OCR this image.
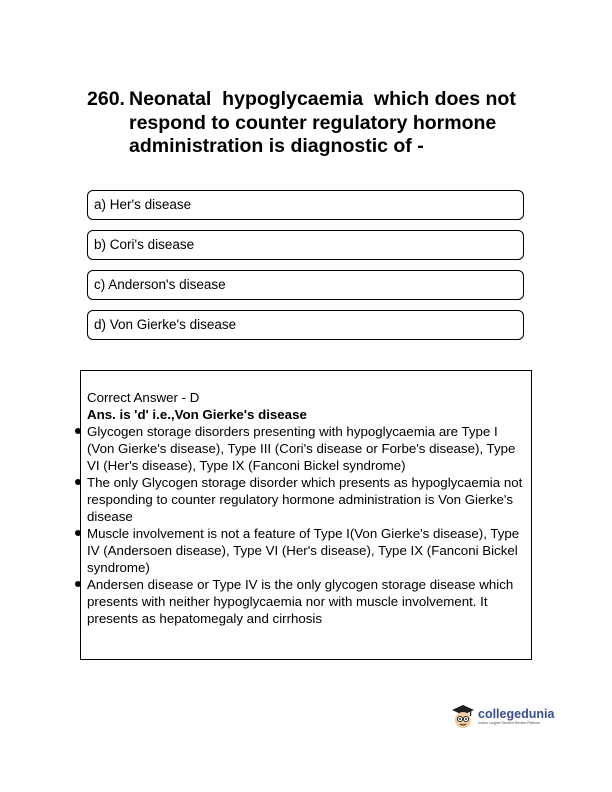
260. Neonatal  hypoglycaemia  which does not respond to counter regulatory hormone administration is diagnostic of -
a) Her's disease
b) Cori's disease
c) Anderson's disease
d) Von Gierke's disease

Correct Answer - D

Ans. is 'd' i.e.,Von Gierke's disease

Glycogen storage disorders presenting with hypoglycaemia are Type I (Von Gierke's disease), Type III (Cori's disease or Forbe's disease), Type VI (Her's disease), Type IX (Fanconi Bickel syndrome)
The only Glycogen storage disorder which presents as hypoglycaemia not responding to counter regulatory hormone administration is Von Gierke's disease
Muscle involvement is not a feature of Type I(Von Gierke's disease), Type IV (Andersoen disease), Type VI (Her's disease), Type IX (Fanconi Bickel syndrome)
Andersen disease or Type IV is the only glycogen storage disease which presents with neither hypoglycaemia nor with muscle involvement. It presents as hepatomegaly and cirrhosis
collegedunia
India's Largest Student Review Platform
